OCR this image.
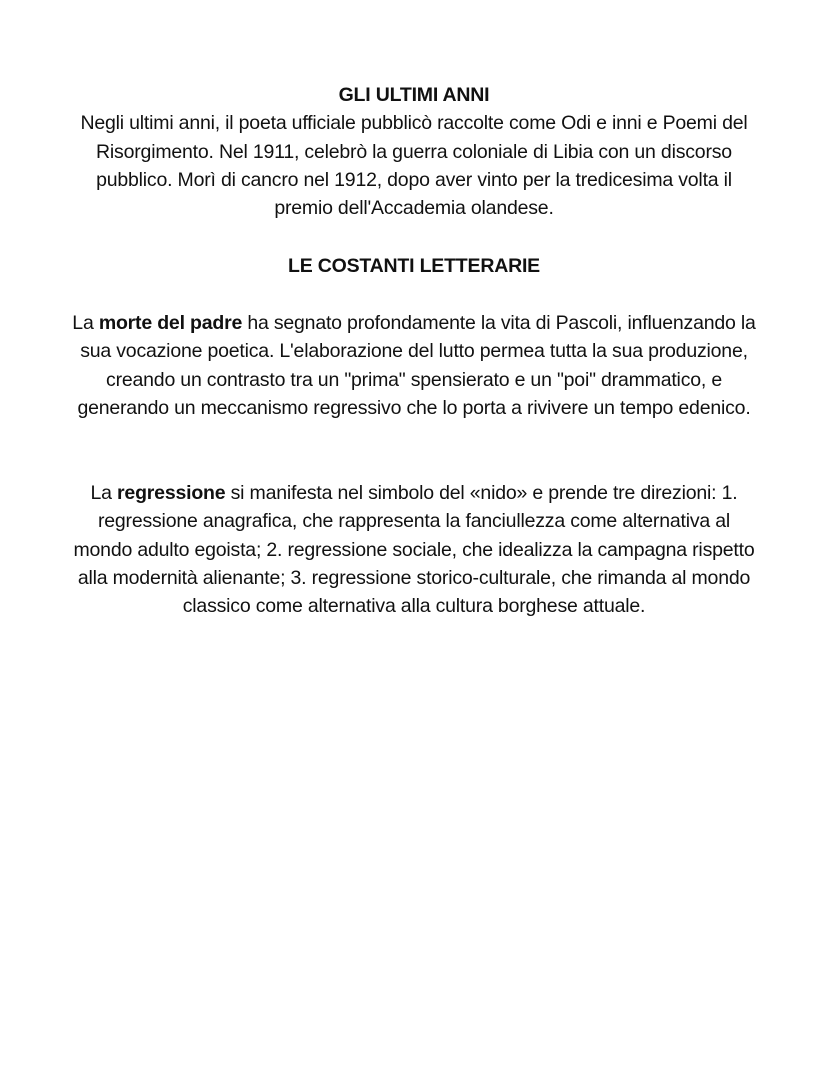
GLI ULTIMI ANNI
Negli ultimi anni, il poeta ufficiale pubblicò raccolte come Odi e inni e Poemi del Risorgimento. Nel 1911, celebrò la guerra coloniale di Libia con un discorso pubblico. Morì di cancro nel 1912, dopo aver vinto per la tredicesima volta il premio dell'Accademia olandese.
LE COSTANTI LETTERARIE
La morte del padre ha segnato profondamente la vita di Pascoli, influenzando la sua vocazione poetica. L'elaborazione del lutto permea tutta la sua produzione, creando un contrasto tra un "prima" spensierato e un "poi" drammatico, e generando un meccanismo regressivo che lo porta a rivivere un tempo edenico.
La regressione si manifesta nel simbolo del «nido» e prende tre direzioni: 1. regressione anagrafica, che rappresenta la fanciullezza come alternativa al mondo adulto egoista; 2. regressione sociale, che idealizza la campagna rispetto alla modernità alienante; 3. regressione storico-culturale, che rimanda al mondo classico come alternativa alla cultura borghese attuale.
